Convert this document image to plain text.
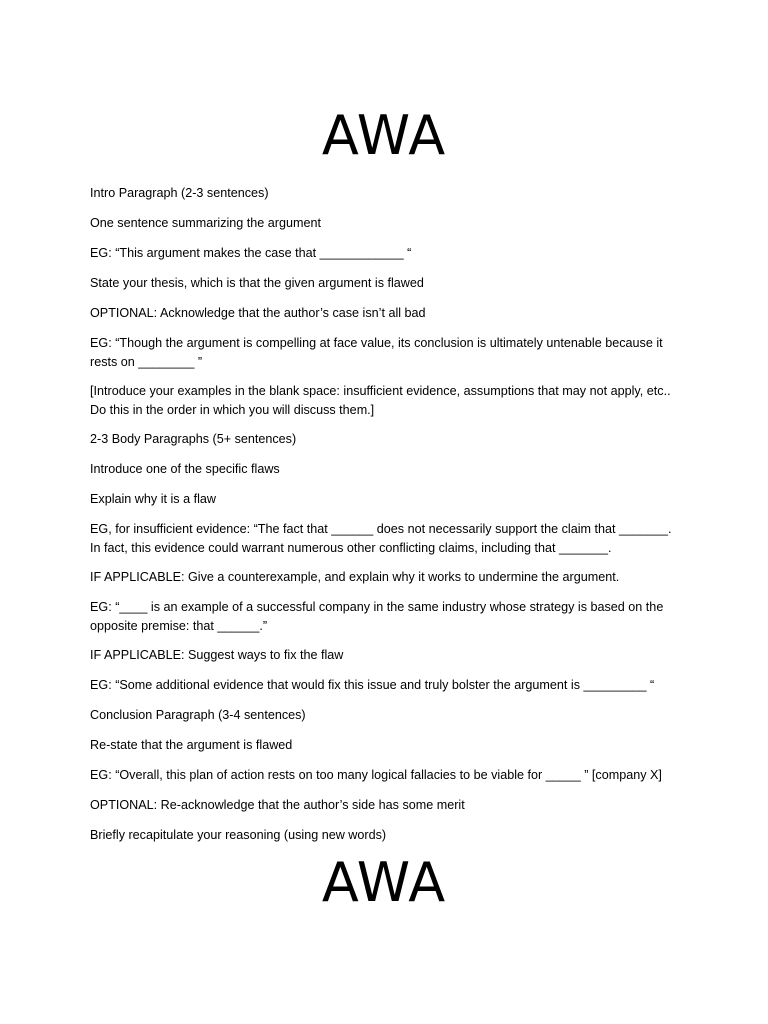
AWA

Intro Paragraph (2-3 sentences)

One sentence summarizing the argument

EG: “This argument makes the case that ____________ “

State your thesis, which is that the given argument is flawed

OPTIONAL: Acknowledge that the author’s case isn’t all bad

EG: “Though the argument is compelling at face value, its conclusion is ultimately untenable because it rests on ________ ”

[Introduce your examples in the blank space: insufficient evidence, assumptions that may not apply, etc.. Do this in the order in which you will discuss them.]

2-3 Body Paragraphs (5+ sentences)

Introduce one of the specific flaws

Explain why it is a flaw

EG, for insufficient evidence: “The fact that ______ does not necessarily support the claim that _______. In fact, this evidence could warrant numerous other conflicting claims, including that _______.

IF APPLICABLE: Give a counterexample, and explain why it works to undermine the argument.

EG: “____ is an example of a successful company in the same industry whose strategy is based on the opposite premise: that ______.”

IF APPLICABLE: Suggest ways to fix the flaw

EG: “Some additional evidence that would fix this issue and truly bolster the argument is _________ “

Conclusion Paragraph (3-4 sentences)

Re-state that the argument is flawed

EG: “Overall, this plan of action rests on too many logical fallacies to be viable for _____ ” [company X]

OPTIONAL: Re-acknowledge that the author’s side has some merit

Briefly recapitulate your reasoning (using new words)

AWA
